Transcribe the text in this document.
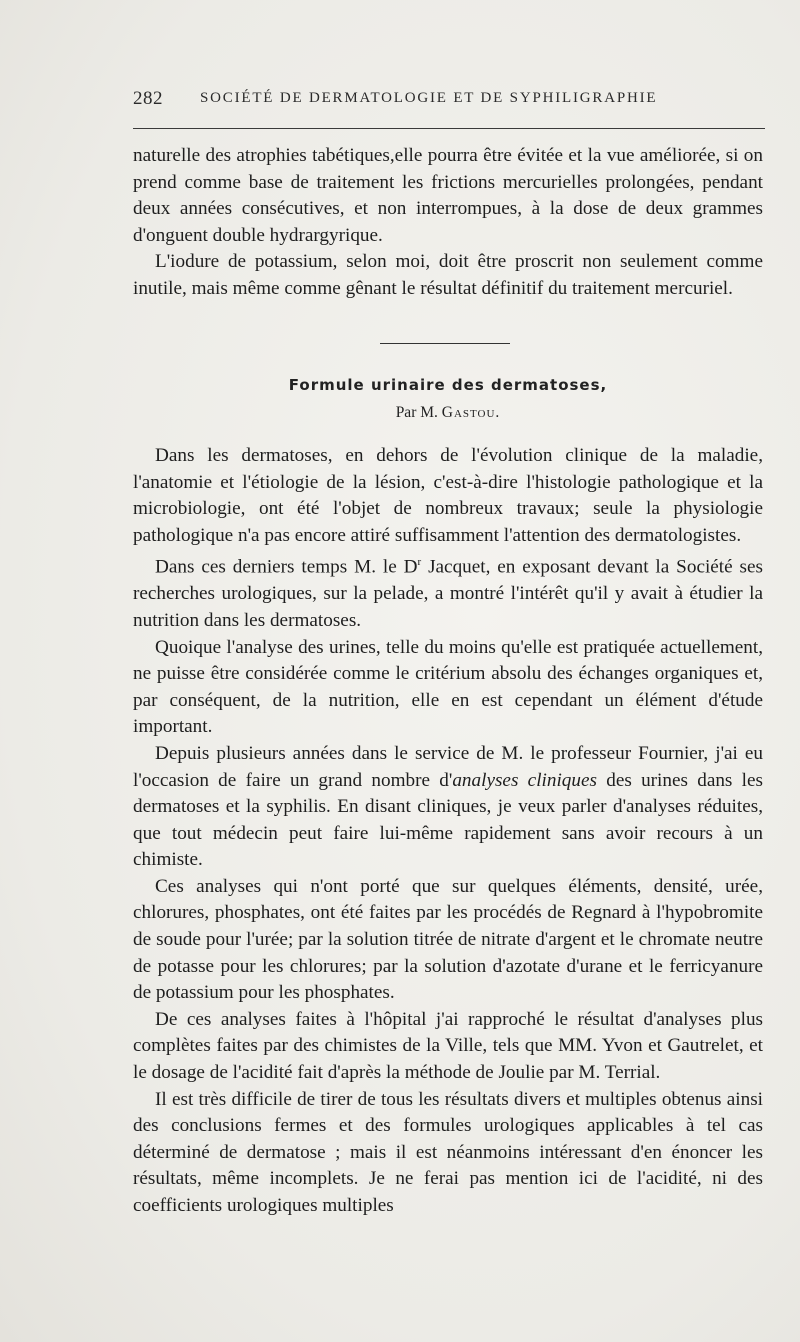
282 SOCIÉTÉ DE DERMATOLOGIE ET DE SYPHILIGRAPHIE

naturelle des atrophies tabétiques,elle pourra être évitée et la vue améliorée, si on prend comme base de traitement les frictions mercurielles prolongées, pendant deux années consécutives, et non interrompues, à la dose de deux grammes d'onguent double hydrargyrique.

L'iodure de potassium, selon moi, doit être proscrit non seulement comme inutile, mais même comme gênant le résultat définitif du traitement mercuriel.

Formule urinaire des dermatoses,
Par M. Gastou.

Dans les dermatoses, en dehors de l'évolution clinique de la maladie, l'anatomie et l'étiologie de la lésion, c'est-à-dire l'histologie pathologique et la microbiologie, ont été l'objet de nombreux travaux; seule la physiologie pathologique n'a pas encore attiré suffisamment l'attention des dermatologistes.

Dans ces derniers temps M. le $D^r$ Jacquet, en exposant devant la Société ses recherches urologiques, sur la pelade, a montré l'intérêt qu'il y avait à étudier la nutrition dans les dermatoses.

Quoique l'analyse des urines, telle du moins qu'elle est pratiquée actuellement, ne puisse être considérée comme le critérium absolu des échanges organiques et, par conséquent, de la nutrition, elle en est cependant un élément d'étude important.

Depuis plusieurs années dans le service de M. le professeur Fournier, j'ai eu l'occasion de faire un grand nombre d'analyses cliniques des urines dans les dermatoses et la syphilis. En disant cliniques, je veux parler d'analyses réduites, que tout médecin peut faire lui-même rapidement sans avoir recours à un chimiste.

Ces analyses qui n'ont porté que sur quelques éléments, densité, urée, chlorures, phosphates, ont été faites par les procédés de Regnard à l'hypobromite de soude pour l'urée; par la solution titrée de nitrate d'argent et le chromate neutre de potasse pour les chlorures; par la solution d'azotate d'urane et le ferricyanure de potassium pour les phosphates.

De ces analyses faites à l'hôpital j'ai rapproché le résultat d'analyses plus complètes faites par des chimistes de la Ville, tels que MM. Yvon et Gautrelet, et le dosage de l'acidité fait d'après la méthode de Joulie par M. Terrial.

Il est très difficile de tirer de tous les résultats divers et multiples obtenus ainsi des conclusions fermes et des formules urologiques applicables à tel cas déterminé de dermatose ; mais il est néanmoins intéressant d'en énoncer les résultats, même incomplets. Je ne ferai pas mention ici de l'acidité, ni des coefficients urologiques multiples
